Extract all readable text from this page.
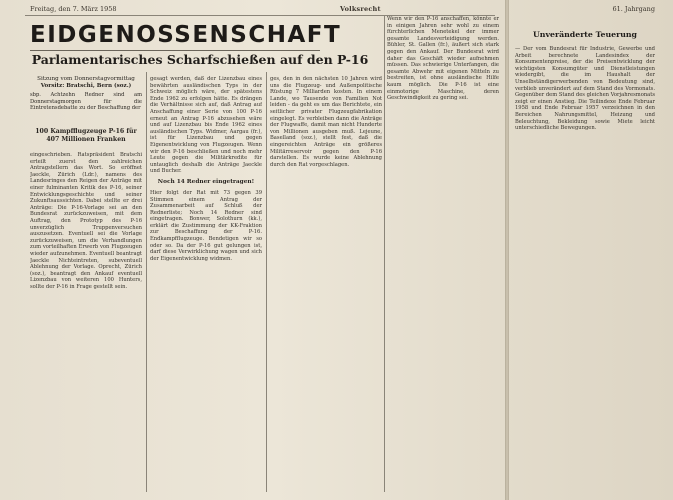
Freitag, den 7. März 1958	Volksrecht	61. Jahrgang
EIDGENOSSENSCHAFT
Parlamentarisches Scharfschießen auf den P-16
Sitzung vom Donnerstagvormittag
Vorsitz: Bratschi, Bern (soz.)

sbp. Achtzehn Redner sind am Donnerstagmorgen für die Eintretensdebatte zu der Beschaffung der

100 Kampfflugzeuge P-16 für 407 Millionen Franken

eingeschrieben. Ratspräsident Bratschi erteilt zuerst den zahlreichen Antragstellern das Wort. So eröffnet Jaeckle, Zürich (Ldr.), namens des Landesringes den Reigen der Anträge mit einer fulminanten Kritik des P-16, seiner Entwicklungsgeschichte und seiner Zukunftsaussichten. Dabei stellte er drei Anträge: Die P-16-Vorlage sei an den Bundesrat zurückzuweisen, mit dem Auftrag, den Prototyp des P-16 unverzüglich Truppenversuchen auszusetzen. Eventuell sei die Vorlage zurückzuweisen, um die Verhandlungen zum vorteilhaften Erwerb von Flugzeugen wieder aufzunehmen. Eventuell beantragt Jaeckle Nichteintreten, subeventuell Ablehnung der Vorlage. Oprecht, Zürich (soz.), beantragt den Ankauf eventuell Lizenzbau von weiteren 100 Hunters, sollte der P-16 in Frage gestellt sein.

gesagt werden, daß der Lizenzbau eines bewährten ausländischen Typs in der Schweiz möglich wäre, der spätestens Ende 1962 zu erfolgen hätte. Es drängen die Verhältnisse sich auf, daß Antrag auf Anschaffung einer Serie von 100 P-16 erneut an Antrag P-16 abzusehen wäre und auf Lizenzbau bis Ende 1962 eines ausländischen Typs. Widmer, Aargau (fr.), ist für Lizenzbau und gegen Eigenentwicklung von Flugzeugen. Wenn wir den P-16 beschließen und noch mehr Leute gegen die Militärkredite für untauglich deshalb die Anträge Jaeckle und Bucher.

Noch 14 Redner eingetragen!

Hier folgt der Rat mit 73 gegen 39 Stimmen einem Antrag der Zusammenarbeit auf Schluß der Rednerliste; Noch 14 Redner sind eingetragen. Bonwer, Solothurn (kk.), erklärt die Zustimmung der KK-Fraktion zur Beschaffung der P-16. Endkampfflugzeuge. Bendetigen wir so oder so. Da der P-16 gut gelungen ist, darf diese Verwirklichung wagen und sich der Eigenentwicklung widmen.

ges, den in den nächsten 10 Jahren wird uns die Flugzeug- und Außenpolitische Rüstung 7 Milliarden kosten. In einem Lande, wo Tausende von Familien Not leiden - da geht es um das Berichtete, ein seitlicher privater Flugzeugfabrikation eingelegt. Es verbleiben dann die Anträge der Flugwaffe, damit man nicht Hunderte von Millionen ausgeben muß. Lejeune, Baselland (soz.), stellt fest, daß die eingereichten Anträge ein größeres Militärreservoir gegen den P-16 darstellen. Es wurde keine Ablehnung durch den Rat vorgeschlagen.

Wenn wir den P-16 anschaffen, könnte er in einigen Jahren sehr wohl zu einem fürchterlichen Menetekel der immer gesamte Landesverteidigung werden. Bühler, St. Gallen (fr.), äußert sich stark gegen den Ankauf. Der Bundesrat wird daher das Geschäft wieder aufnehmen müssen. Das schwierige Unterfangen, die gesamte Abwehr mit eigenen Mitteln zu bestreiten, ist ohne ausländische Hilfe kaum möglich. Die P-16 ist eine einmotorige Maschine, deren Geschwindigkeit zu gering sei.

Unveränderte Teuerung

— Der vom Bundesrat für Industrie, Gewerbe und Arbeit berechnete Landesindex der Konsumentenpreise, der die Preisentwicklung der wichtigsten Konsumgüter und Dienstleistungen wiedergibt, die im Haushalt der Unselbständigerwerbenden von Bedeutung sind, verblieb unverändert auf dem Stand des Vormonats. Gegenüber dem Stand des gleichen Vorjahresmonats zeigt er einen Anstieg. Die Teilindexe Ende Februar 1958 und Ende Februar 1957 verzeichnen in den Bereichen Nahrungsmittel, Heizung und Beleuchtung, Bekleidung sowie Miete leicht unterschiedliche Bewegungen.
